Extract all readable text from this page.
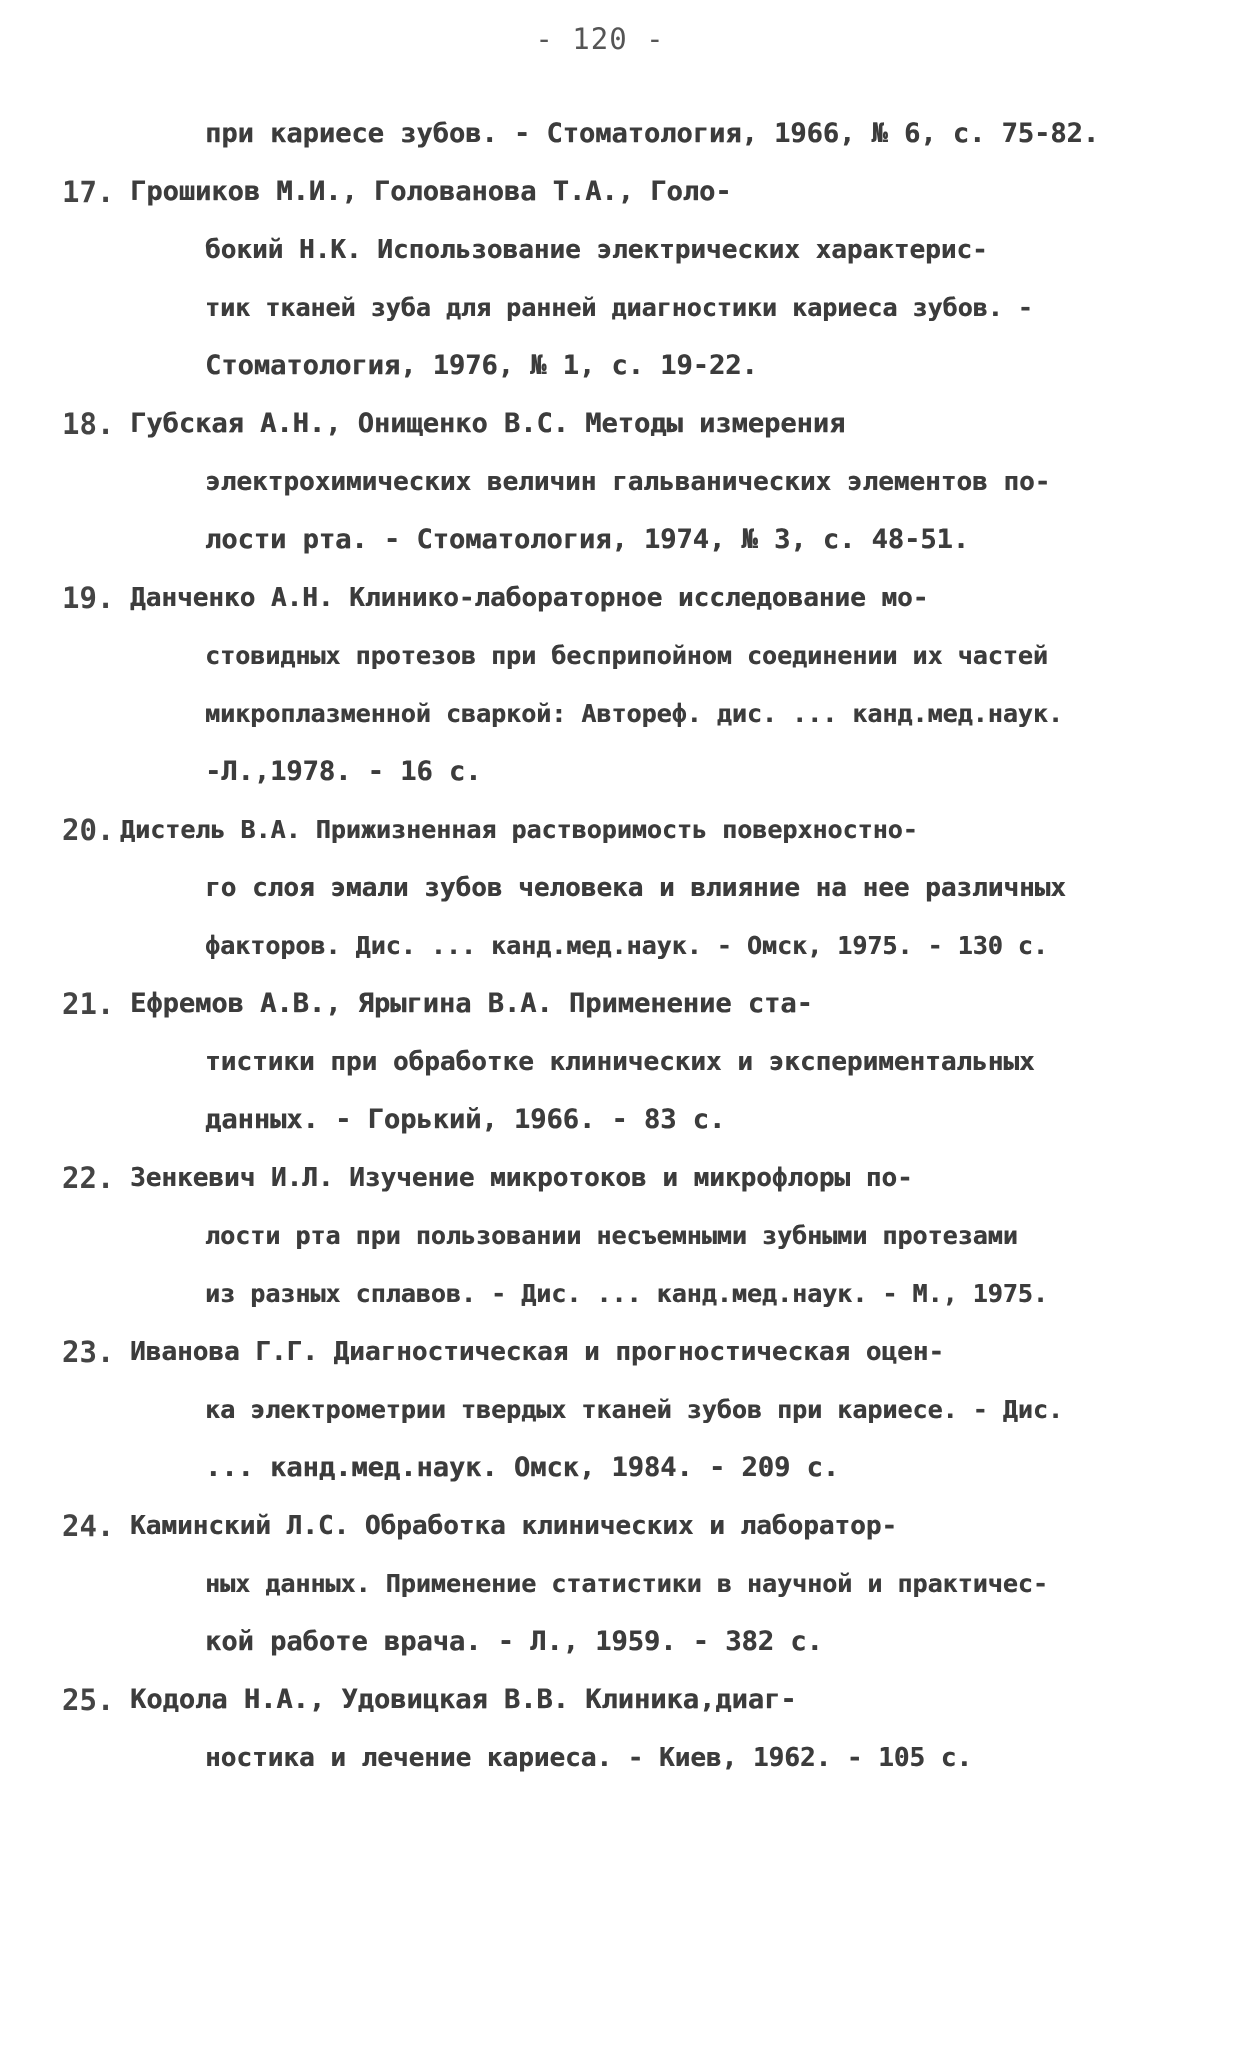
- 120 -
при кариесе зубов. - Стоматология, 1966, № 6, с. 75-82.
17. Грошиков М.И., Голованова Т.А., Голо-
бокий Н.К. Использование электрических характерис-
тик тканей зуба для ранней диагностики кариеса зубов. -
Стоматология, 1976, № 1, с. 19-22.
18. Губская А.Н., Онищенко В.С. Методы измерения
электрохимических величин гальванических элементов по-
лости рта. - Стоматология, 1974, № 3, с. 48-51.
19. Данченко А.Н. Клинико-лабораторное исследование мо-
стовидных протезов при бесприпойном соединении их частей
микроплазменной сваркой: Автореф. дис. ... канд.мед.наук.
-Л.,1978. - 16 с.
20. Дистель В.А. Прижизненная растворимость поверхностно-
го слоя эмали зубов человека и влияние на нее различных
факторов. Дис. ... канд.мед.наук. - Омск, 1975. - 130 с.
21. Ефремов А.В., Ярыгина В.А. Применение ста-
тистики при обработке клинических и экспериментальных
данных. - Горький, 1966. - 83 с.
22. Зенкевич И.Л. Изучение микротоков и микрофлоры по-
лости рта при пользовании несъемными зубными протезами
из разных сплавов. - Дис. ... канд.мед.наук. - М., 1975.
23. Иванова Г.Г. Диагностическая и прогностическая оцен-
ка электрометрии твердых тканей зубов при кариесе. - Дис.
... канд.мед.наук. Омск, 1984. - 209 с.
24. Каминский Л.С. Обработка клинических и лаборатор-
ных данных. Применение статистики в научной и практичес-
кой работе врача. - Л., 1959. - 382 с.
25. Кодола Н.А., Удовицкая В.В. Клиника,диаг-
ностика и лечение кариеса. - Киев, 1962. - 105 с.
